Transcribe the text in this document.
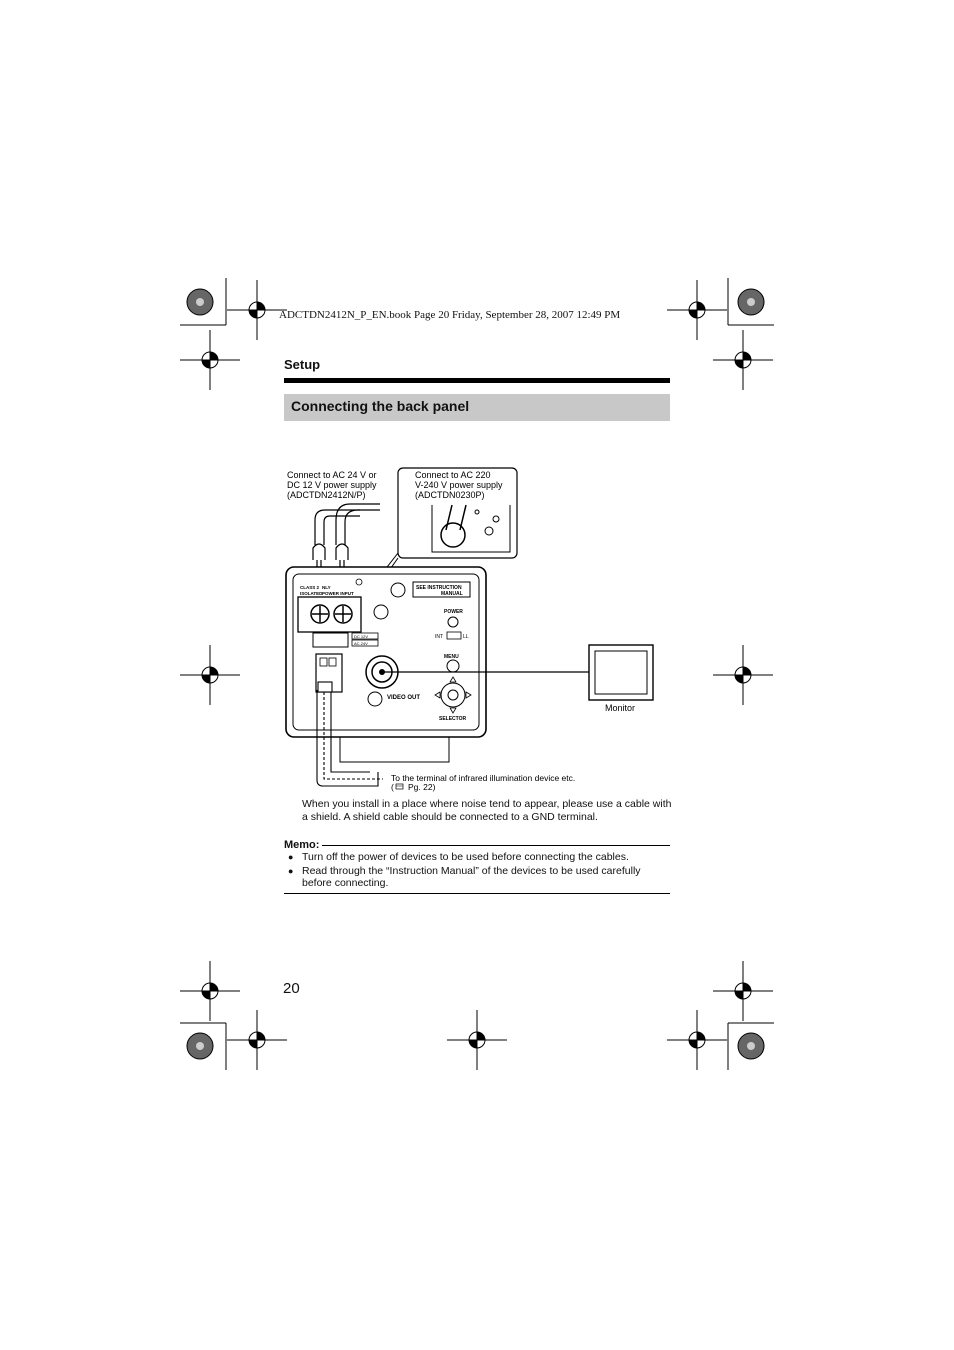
Connect to AC 24 V or
DC 12 V power supply
(ADCTDN2412N/P)
Connect to AC 220
V-240 V power supply
(ADCTDN0230P)
CLASS 2 NLY
ISOLATED POWER INPUT
DC 12V
AC 24V
SEE INSTRUCTION
MANUAL
POWER
INT	LL
MENU
VIDEO OUT
SELECTOR
Monitor
To the terminal of infrared illumination device etc.
( Pg. 22)
ADCTDN2412N_P_EN.book Page 20 Friday, September 28, 2007 12:49 PM
Setup
Connecting the back panel
When you install in a place where noise tend to appear, please use a cable with a shield. A shield cable should be connected to a GND terminal.
Memo:
● Turn off the power of devices to be used before connecting the cables.
● Read through the “Instruction Manual” of the devices to be used carefully before connecting.
20
